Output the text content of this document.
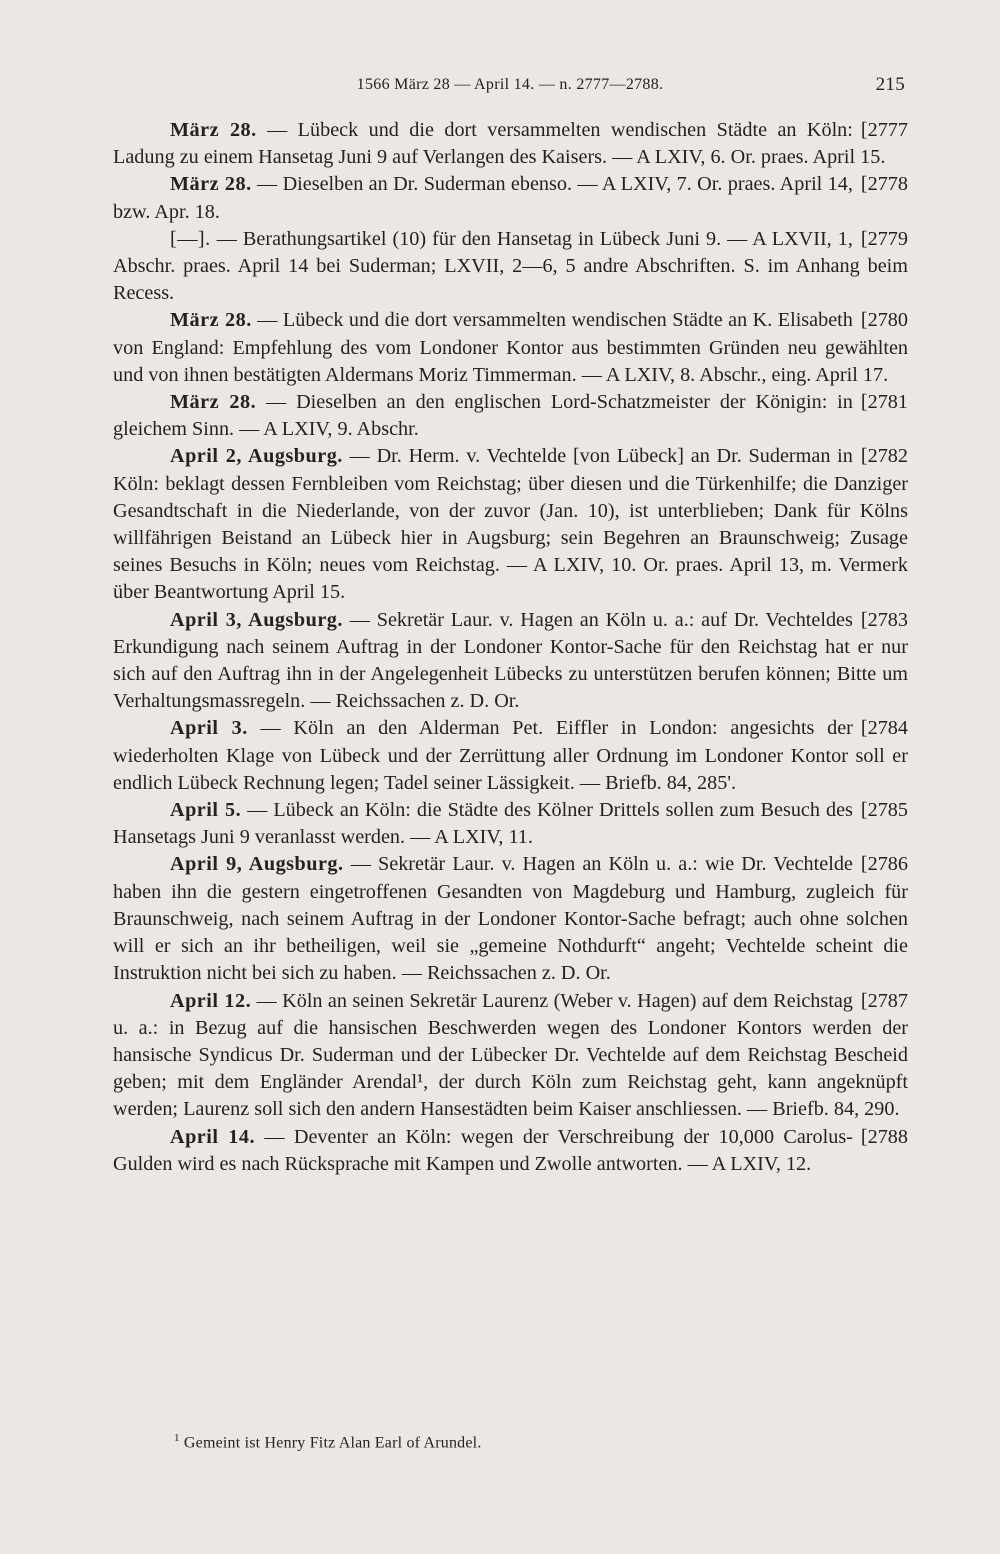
1566 März 28 — April 14. — n. 2777—2788.	215

[2777
März 28. — Lübeck und die dort versammelten wendischen Städte an Köln: Ladung zu einem Hansetag Juni 9 auf Verlangen des Kaisers. — A LXIV, 6. Or. praes. April 15.

[2778
März 28. — Dieselben an Dr. Suderman ebenso. — A LXIV, 7. Or. praes. April 14, bzw. Apr. 18.

[2779
[—]. — Berathungsartikel (10) für den Hansetag in Lübeck Juni 9. — A LXVII, 1, Abschr. praes. April 14 bei Suderman; LXVII, 2—6, 5 andre Abschriften. S. im Anhang beim Recess.

[2780
März 28. — Lübeck und die dort versammelten wendischen Städte an K. Elisabeth von England: Empfehlung des vom Londoner Kontor aus bestimmten Gründen neu gewählten und von ihnen bestätigten Aldermans Moriz Timmerman. — A LXIV, 8. Abschr., eing. April 17.

[2781
März 28. — Dieselben an den englischen Lord-Schatzmeister der Königin: in gleichem Sinn. — A LXIV, 9. Abschr.

[2782
April 2, Augsburg. — Dr. Herm. v. Vechtelde [von Lübeck] an Dr. Suderman in Köln: beklagt dessen Fernbleiben vom Reichstag; über diesen und die Türkenhilfe; die Danziger Gesandtschaft in die Niederlande, von der zuvor (Jan. 10), ist unterblieben; Dank für Kölns willfährigen Beistand an Lübeck hier in Augsburg; sein Begehren an Braunschweig; Zusage seines Besuchs in Köln; neues vom Reichstag. — A LXIV, 10. Or. praes. April 13, m. Vermerk über Beantwortung April 15.

[2783
April 3, Augsburg. — Sekretär Laur. v. Hagen an Köln u. a.: auf Dr. Vechteldes Erkundigung nach seinem Auftrag in der Londoner Kontor-Sache für den Reichstag hat er nur sich auf den Auftrag ihn in der Angelegenheit Lübecks zu unterstützen berufen können; Bitte um Verhaltungsmassregeln. — Reichssachen z. D. Or.

[2784
April 3. — Köln an den Alderman Pet. Eiffler in London: angesichts der wiederholten Klage von Lübeck und der Zerrüttung aller Ordnung im Londoner Kontor soll er endlich Lübeck Rechnung legen; Tadel seiner Lässigkeit. — Briefb. 84, 285'.

[2785
April 5. — Lübeck an Köln: die Städte des Kölner Drittels sollen zum Besuch des Hansetags Juni 9 veranlasst werden. — A LXIV, 11.

[2786
April 9, Augsburg. — Sekretär Laur. v. Hagen an Köln u. a.: wie Dr. Vechtelde haben ihn die gestern eingetroffenen Gesandten von Magdeburg und Hamburg, zugleich für Braunschweig, nach seinem Auftrag in der Londoner Kontor-Sache befragt; auch ohne solchen will er sich an ihr betheiligen, weil sie „gemeine Nothdurft“ angeht; Vechtelde scheint die Instruktion nicht bei sich zu haben. — Reichssachen z. D. Or.

[2787
April 12. — Köln an seinen Sekretär Laurenz (Weber v. Hagen) auf dem Reichstag u. a.: in Bezug auf die hansischen Beschwerden wegen des Londoner Kontors werden der hansische Syndicus Dr. Suderman und der Lübecker Dr. Vechtelde auf dem Reichstag Bescheid geben; mit dem Engländer Arendal¹, der durch Köln zum Reichstag geht, kann angeknüpft werden; Laurenz soll sich den andern Hansestädten beim Kaiser anschliessen. — Briefb. 84, 290.

[2788
April 14. — Deventer an Köln: wegen der Verschreibung der 10,000 Carolus-Gulden wird es nach Rücksprache mit Kampen und Zwolle antworten. — A LXIV, 12.

$^1$ Gemeint ist Henry Fitz Alan Earl of Arundel.
